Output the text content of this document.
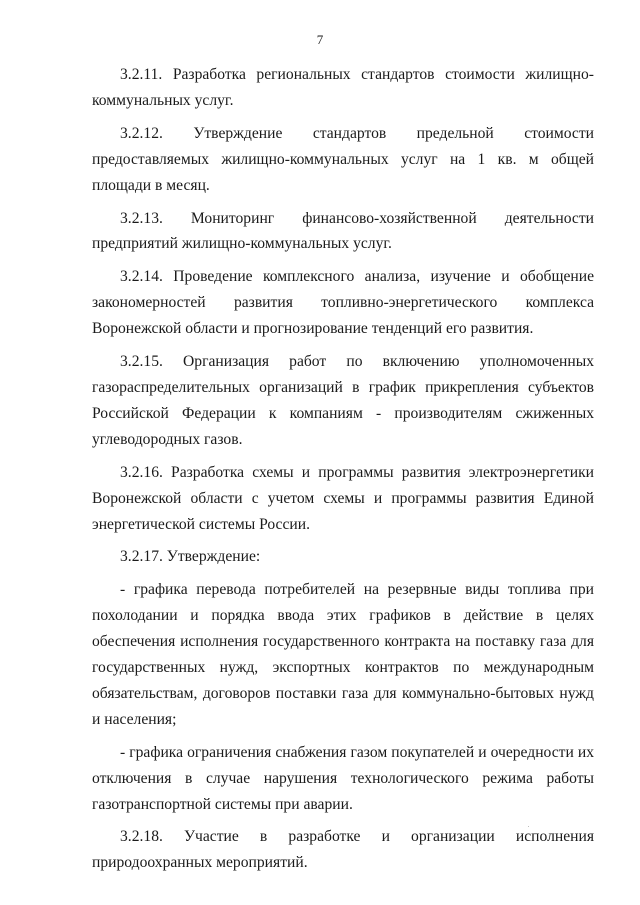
7

3.2.11. Разработка региональных стандартов стоимости жилищно-коммунальных услуг.

3.2.12. Утверждение стандартов предельной стоимости предоставляемых жилищно-коммунальных услуг на 1 кв. м общей площади в месяц.

3.2.13. Мониторинг финансово-хозяйственной деятельности предприятий жилищно-коммунальных услуг.

3.2.14. Проведение комплексного анализа, изучение и обобщение закономерностей развития топливно-энергетического комплекса Воронежской области и прогнозирование тенденций его развития.

3.2.15. Организация работ по включению уполномоченных газораспределительных организаций в график прикрепления субъектов Российской Федерации к компаниям - производителям сжиженных углеводородных газов.

3.2.16. Разработка схемы и программы развития электроэнергетики Воронежской области с учетом схемы и программы развития Единой энергетической системы России.

3.2.17. Утверждение:

- графика перевода потребителей на резервные виды топлива при похолодании и порядка ввода этих графиков в действие в целях обеспечения исполнения государственного контракта на поставку газа для государственных нужд, экспортных контрактов по международным обязательствам, договоров поставки газа для коммунально-бытовых нужд и населения;

- графика ограничения снабжения газом покупателей и очередности их отключения в случае нарушения технологического режима работы газотранспортной системы при аварии.

3.2.18. Участие в разработке и организации исполнения природоохранных мероприятий.
